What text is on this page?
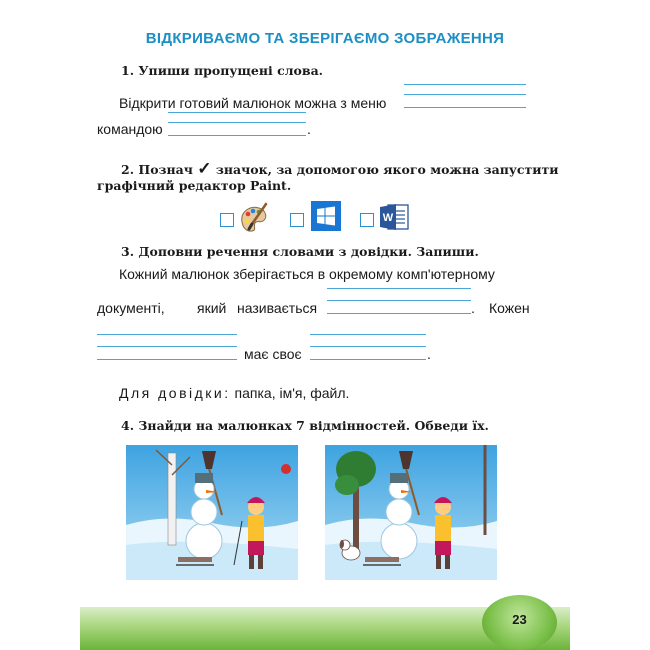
ВІДКРИВАЄМО ТА ЗБЕРІГАЄМО ЗОБРАЖЕННЯ
1. Упиши пропущені слова.
Відкрити готовий малюнок можна з меню
командою	.
2. Познач ✓ значок, за допомогою якого можна запустити
графічний редактор Paint.
W
3. Доповни речення словами з довідки. Запиши.
Кожний малюнок зберігається в окремому комп'ютерному
документі, який називається	. Кожен
має своє	.
Для довідки: папка, ім'я, файл.
4. Знайди на малюнках 7 відмінностей. Обведи їх.
23
